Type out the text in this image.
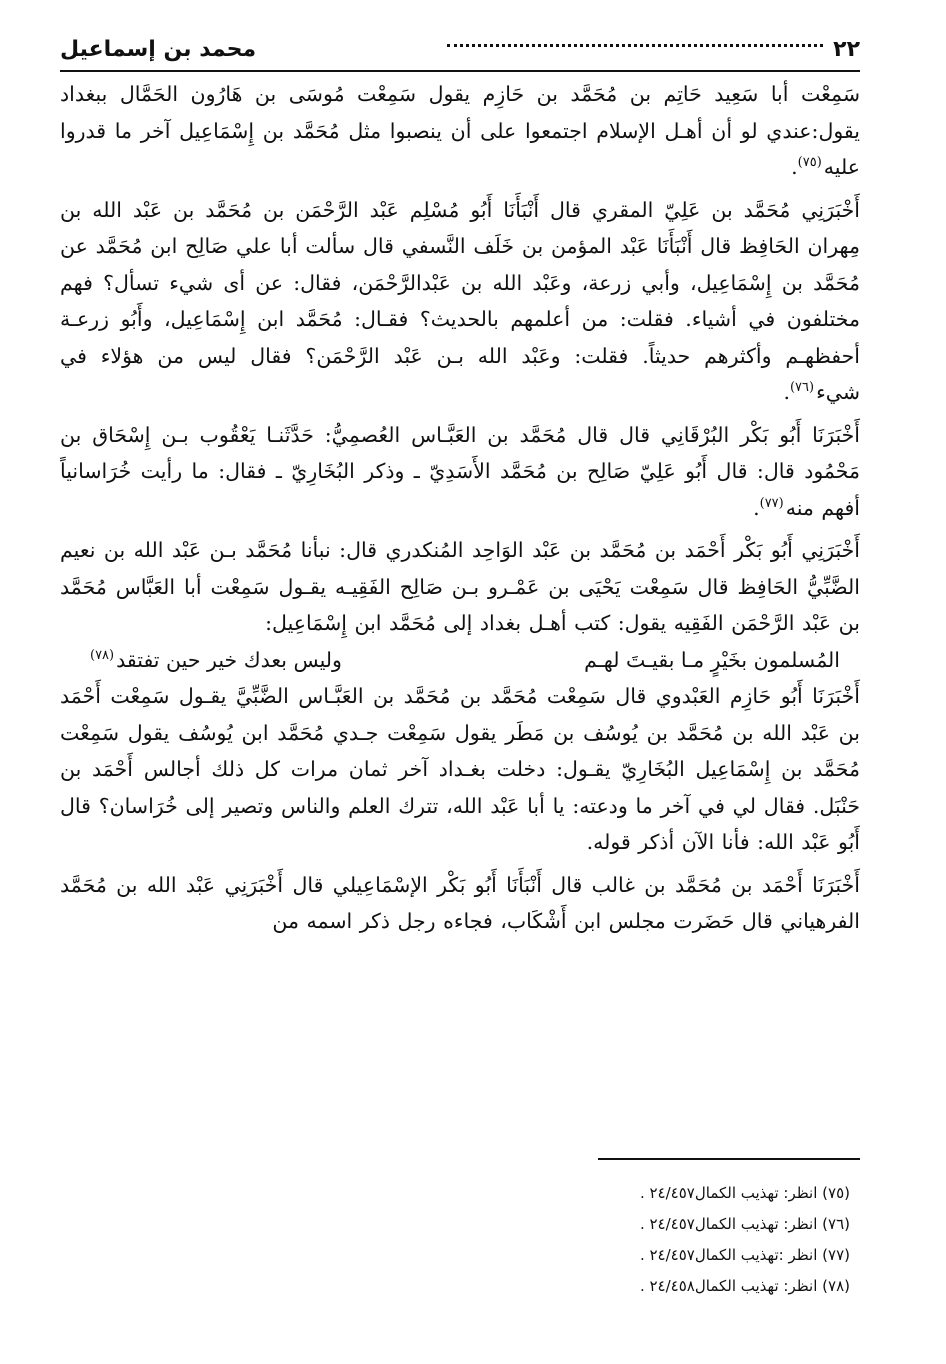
٢٢
محمد بن إسماعيل

سَمِعْت أبا سَعِيد حَاتِم بن مُحَمَّد بن حَازِم يقول سَمِعْت مُوسَى بن هَارُون الحَمَّال ببغداد يقول:عندي لو أن أهـل الإسلام اجتمعوا على أن ينصبوا مثل مُحَمَّد بن إِسْمَاعِيل آخر ما قدروا عليه$^{(٧٥)}$.

أَخْبَرَنِي مُحَمَّد بن عَلِيّ المقري قال أَنْبَأَنَا أَبُو مُسْلِم عَبْد الرَّحْمَن بن مُحَمَّد بن عَبْد الله بن مِهران الحَافِظ قال أَنْبَأَنَا عَبْد المؤمن بن خَلَف النَّسفي قال سألت أبا علي صَالِح ابن مُحَمَّد عن مُحَمَّد بن إِسْمَاعِيل، وأبي زرعة، وعَبْد الله بن عَبْدالرَّحْمَن، فقال: عن أى شيء تسأل؟ فهم مختلفون في أشياء. فقلت: من أعلمهم بالحديث؟ فقـال: مُحَمَّد ابن إِسْمَاعِيل، وأَبُو زرعـة أحفظهـم وأكثرهم حديثاً. فقلت: وعَبْد الله بـن عَبْد الرَّحْمَن؟ فقال ليس من هؤلاء في شيء$^{(٧٦)}$.

أَخْبَرَنَا أَبُو بَكْر البُرْقَانِي قال قال مُحَمَّد بن العَبَّـاس العُصمِيُّ: حَدَّثَنـا يَعْقُوب بـن إِسْحَاق بن مَحْمُود قال: قال أَبُو عَلِيّ صَالِح بن مُحَمَّد الأَسَدِيّ ـ وذكر البُخَارِيّ ـ فقال: ما رأيت خُرَاسانياً أفهم منه$^{(٧٧)}$.

أَخْبَرَنِي أَبُو بَكْر أَحْمَد بن مُحَمَّد بن عَبْد الوَاحِد المُنكدري قال: نبأنا مُحَمَّد بـن عَبْد الله بن نعيم الضَّبِّيُّ الحَافِظ قال سَمِعْت يَحْيَى بن عَمْـرو بـن صَالِح الفَقِيـه يقـول سَمِعْت أبا العَبَّاس مُحَمَّد بن عَبْد الرَّحْمَن الفَقِيه يقول: كتب أهـل بغداد إلى مُحَمَّد ابن إِسْمَاعِيل:

المُسلمون بخَيْرٍ مـا بقيـتَ لهـم
وليس بعدك خير حين تفتقد$^{(٧٨)}$

أَخْبَرَنَا أَبُو حَازِم العَبْدوي قال سَمِعْت مُحَمَّد بن مُحَمَّد بن العَبَّـاس الضَّبِّيَّ يقـول سَمِعْت أَحْمَد بن عَبْد الله بن مُحَمَّد بن يُوسُف بن مَطَر يقول سَمِعْت جـدي مُحَمَّد ابن يُوسُف يقول سَمِعْت مُحَمَّد بن إِسْمَاعِيل البُخَارِيّ يقـول: دخلت بغـداد آخر ثمان مرات كل ذلك أجالس أَحْمَد بن حَنْبَل. فقال لي في آخر ما ودعته: يا أبا عَبْد الله، تترك العلم والناس وتصير إلى خُرَاسان؟ قال أَبُو عَبْد الله: فأنا الآن أذكر قوله.

أَخْبَرَنَا أَحْمَد بن مُحَمَّد بن غالب قال أَنْبَأَنَا أَبُو بَكْر الإسْمَاعِيلي قال أَخْبَرَنِي عَبْد الله بن مُحَمَّد الفرهياني قال حَضَرت مجلس ابن أَشْكَاب، فجاءه رجل ذكر اسمه من

(٧٥) انظر: تهذيب الكمال٢٤/٤٥٧ .

(٧٦) انظر: تهذيب الكمال٢٤/٤٥٧ .

(٧٧) انظر :تهذيب الكمال٢٤/٤٥٧ .

(٧٨) انظر: تهذيب الكمال٢٤/٤٥٨ .
